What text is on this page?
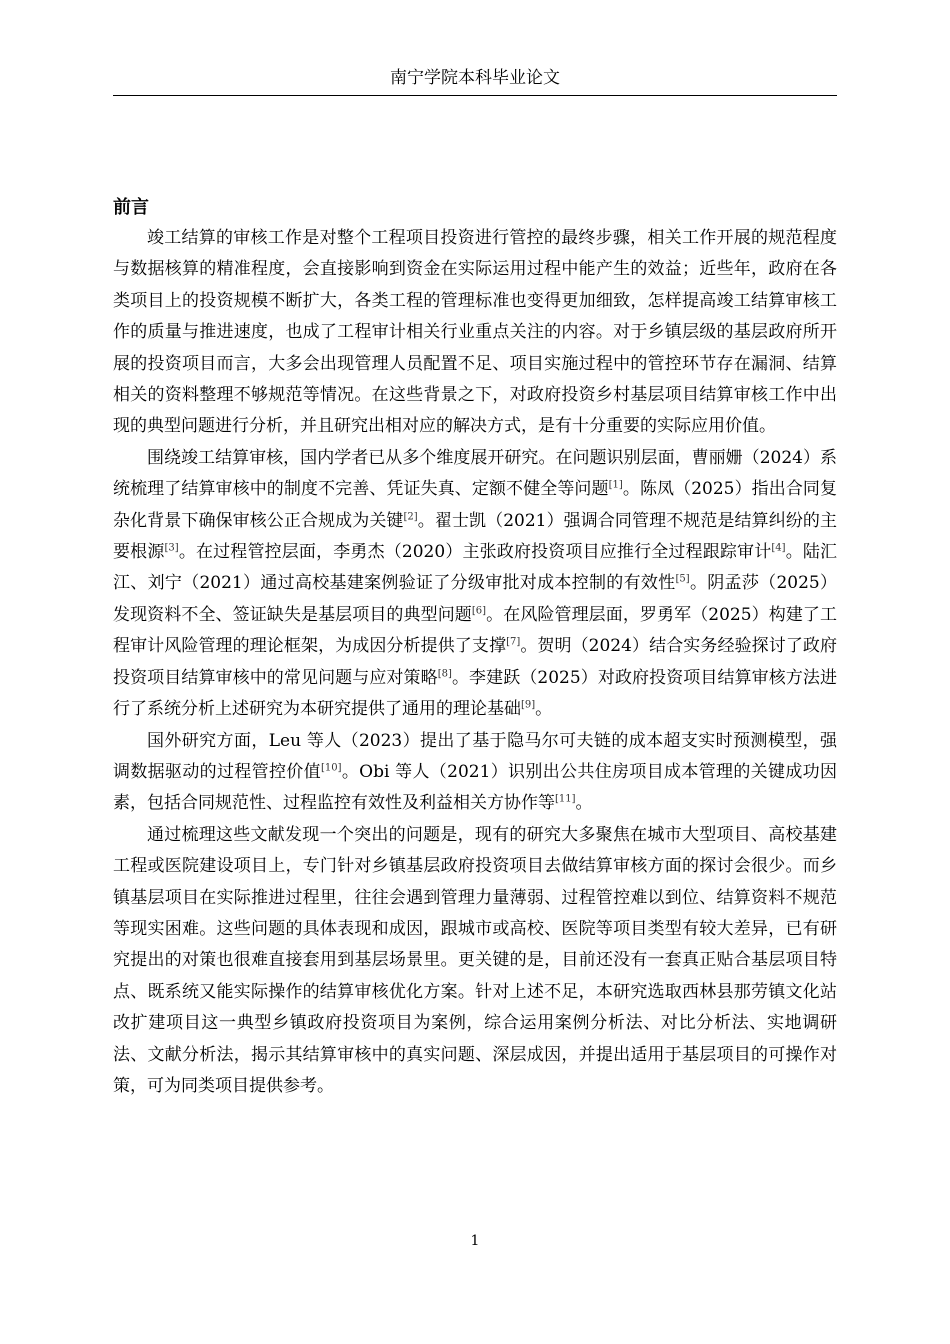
南宁学院本科毕业论文
前言

竣工结算的审核工作是对整个工程项目投资进行管控的最终步骤，相关工作开展的规范程度与数据核算的精准程度，会直接影响到资金在实际运用过程中能产生的效益；近些年，政府在各类项目上的投资规模不断扩大，各类工程的管理标准也变得更加细致，怎样提高竣工结算审核工作的质量与推进速度，也成了工程审计相关行业重点关注的内容。对于乡镇层级的基层政府所开展的投资项目而言，大多会出现管理人员配置不足、项目实施过程中的管控环节存在漏洞、结算相关的资料整理不够规范等情况。在这些背景之下，对政府投资乡村基层项目结算审核工作中出现的典型问题进行分析，并且研究出相对应的解决方式，是有十分重要的实际应用价值。

围绕竣工结算审核，国内学者已从多个维度展开研究。在问题识别层面，曹丽姗（2024）系统梳理了结算审核中的制度不完善、凭证失真、定额不健全等问题[1]。陈凤（2025）指出合同复杂化背景下确保审核公正合规成为关键[2]。翟士凯（2021）强调合同管理不规范是结算纠纷的主要根源[3]。在过程管控层面，李勇杰（2020）主张政府投资项目应推行全过程跟踪审计[4]。陆汇江、刘宁（2021）通过高校基建案例验证了分级审批对成本控制的有效性[5]。阴孟莎（2025）发现资料不全、签证缺失是基层项目的典型问题[6]。在风险管理层面，罗勇军（2025）构建了工程审计风险管理的理论框架，为成因分析提供了支撑[7]。贺明（2024）结合实务经验探讨了政府投资项目结算审核中的常见问题与应对策略[8]。李建跃（2025）对政府投资项目结算审核方法进行了系统分析上述研究为本研究提供了通用的理论基础[9]。

国外研究方面，Leu 等人（2023）提出了基于隐马尔可夫链的成本超支实时预测模型，强调数据驱动的过程管控价值[10]。Obi 等人（2021）识别出公共住房项目成本管理的关键成功因素，包括合同规范性、过程监控有效性及利益相关方协作等[11]。

通过梳理这些文献发现一个突出的问题是，现有的研究大多聚焦在城市大型项目、高校基建工程或医院建设项目上，专门针对乡镇基层政府投资项目去做结算审核方面的探讨会很少。而乡镇基层项目在实际推进过程里，往往会遇到管理力量薄弱、过程管控难以到位、结算资料不规范等现实困难。这些问题的具体表现和成因，跟城市或高校、医院等项目类型有较大差异，已有研究提出的对策也很难直接套用到基层场景里。更关键的是，目前还没有一套真正贴合基层项目特点、既系统又能实际操作的结算审核优化方案。针对上述不足，本研究选取西林县那劳镇文化站改扩建项目这一典型乡镇政府投资项目为案例，综合运用案例分析法、对比分析法、实地调研法、文献分析法，揭示其结算审核中的真实问题、深层成因，并提出适用于基层项目的可操作对策，可为同类项目提供参考。

1
